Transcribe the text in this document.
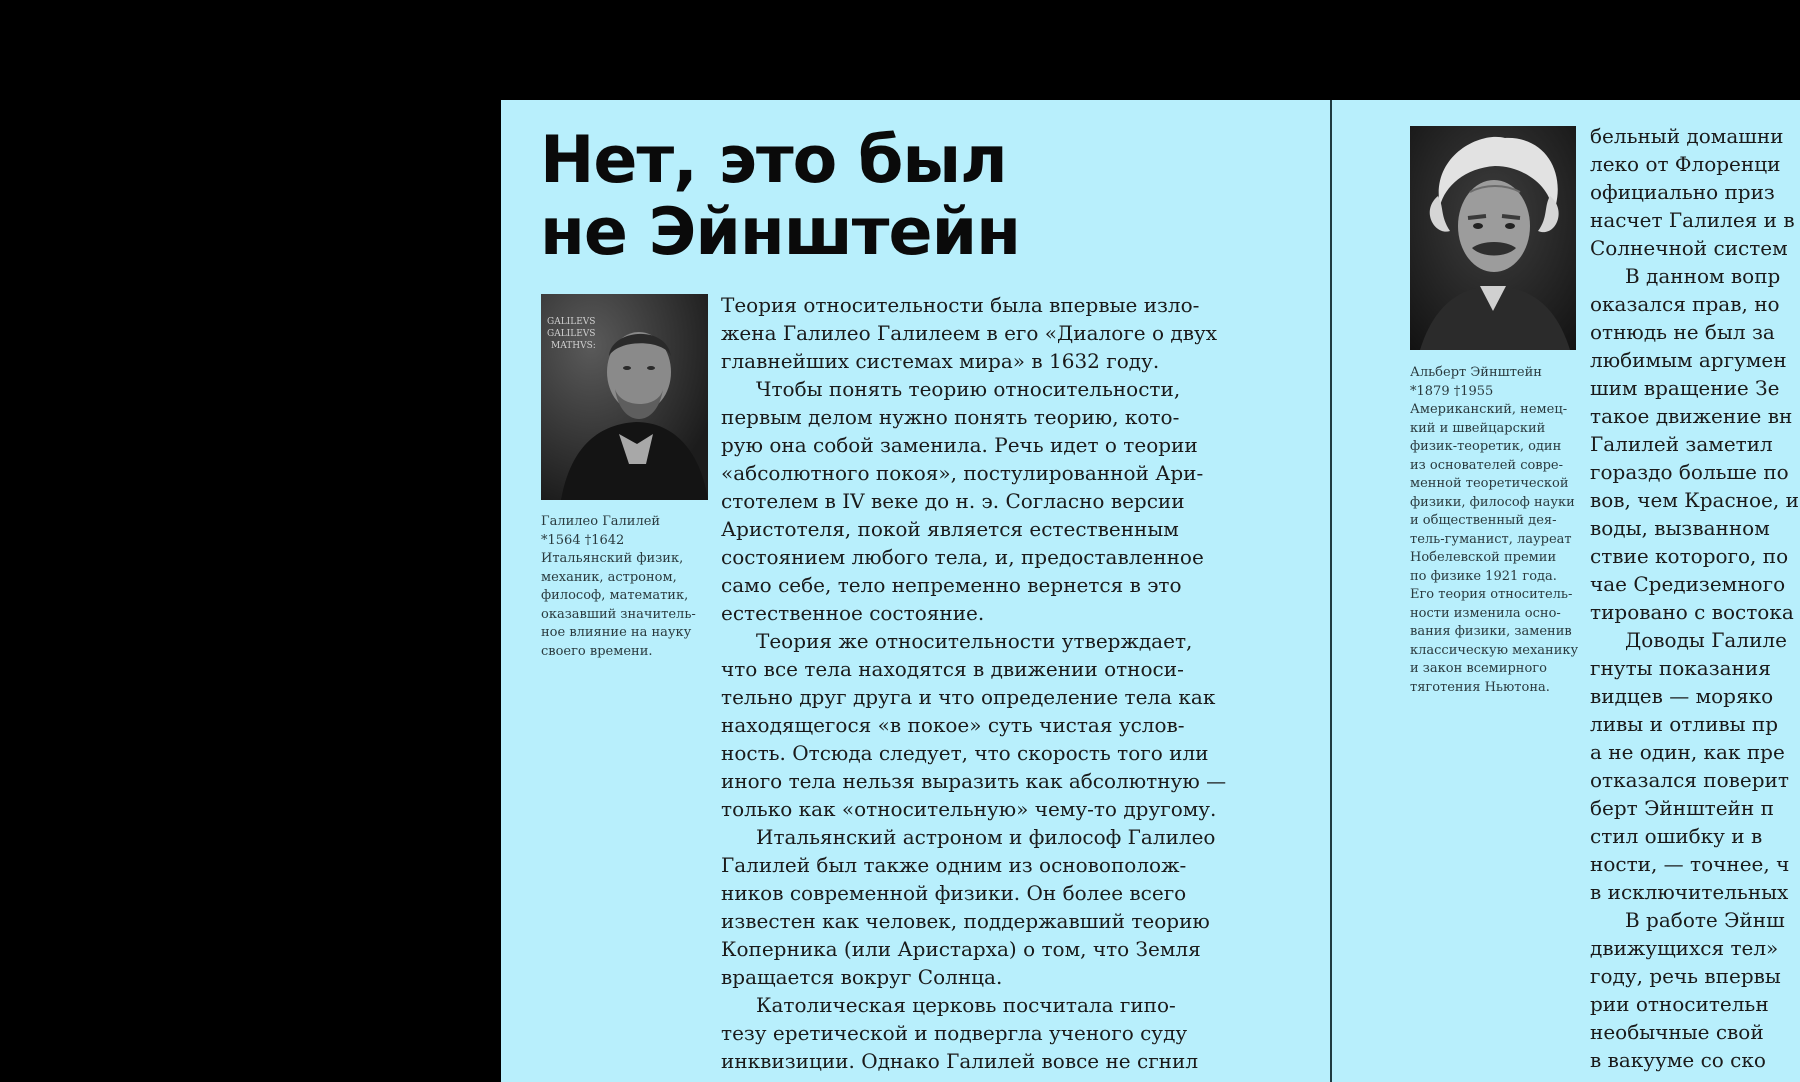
Нет, это был
не Эйнштейн
GALILEVS
GALILEVS
MATHVS:
Галилео Галилей
*1564 †1642
Итальянский физик,
механик, астроном,
философ, математик,
оказавший значитель-
ное влияние на науку
своего времени.
Теория относительности была впервые изло-
жена Галилео Галилеем в его «Диалоге о двух
главнейших системах мира» в 1632 году.
Чтобы понять теорию относительности,
первым делом нужно понять теорию, кото-
рую она собой заменила. Речь идет о теории
«абсолютного покоя», постулированной Ари-
стотелем в IV веке до н. э. Согласно версии
Аристотеля, покой является естественным
состоянием любого тела, и, предоставленное
само себе, тело непременно вернется в это
естественное состояние.
Теория же относительности утверждает,
что все тела находятся в движении относи-
тельно друг друга и что определение тела как
находящегося «в покое» суть чистая услов-
ность. Отсюда следует, что скорость того или
иного тела нельзя выразить как абсолютную —
только как «относительную» чему-то другому.
Итальянский астроном и философ Галилео
Галилей был также одним из основополож-
ников современной физики. Он более всего
известен как человек, поддержавший теорию
Коперника (или Аристарха) о том, что Земля
вращается вокруг Солнца.
Католическая церковь посчитала гипо-
тезу еретической и подвергла ученого суду
инквизиции. Однако Галилей вовсе не сгнил
Альберт Эйнштейн
*1879 †1955
Американский, немец-
кий и швейцарский
физик-теоретик, один
из основателей совре-
менной теоретической
физики, философ науки
и общественный дея-
тель-гуманист, лауреат
Нобелевской премии
по физике 1921 года.
Его теория относитель-
ности изменила осно-
вания физики, заменив
классическую механику
и закон всемирного
тяготения Ньютона.
бельный домашни
леко от Флоренци
официально приз
насчет Галилея и в
Солнечной систем
В данном вопр
оказался прав, но
отнюдь не был за
любимым аргумен
шим вращение Зе
такое движение вн
Галилей заметил
гораздо больше по
вов, чем Красное, и
воды, вызванном
ствие которого, по
чае Средиземного
тировано с востока
Доводы Галиле
гнуты показания
видцев — моряко
ливы и отливы пр
а не один, как пре
отказался поверит
берт Эйнштейн п
стил ошибку и в
ности, — точнее, ч
в исключительных
В работе Эйнш
движущихся тел»
году, речь впервы
рии относительн
необычные свой
в вакууме со ско
